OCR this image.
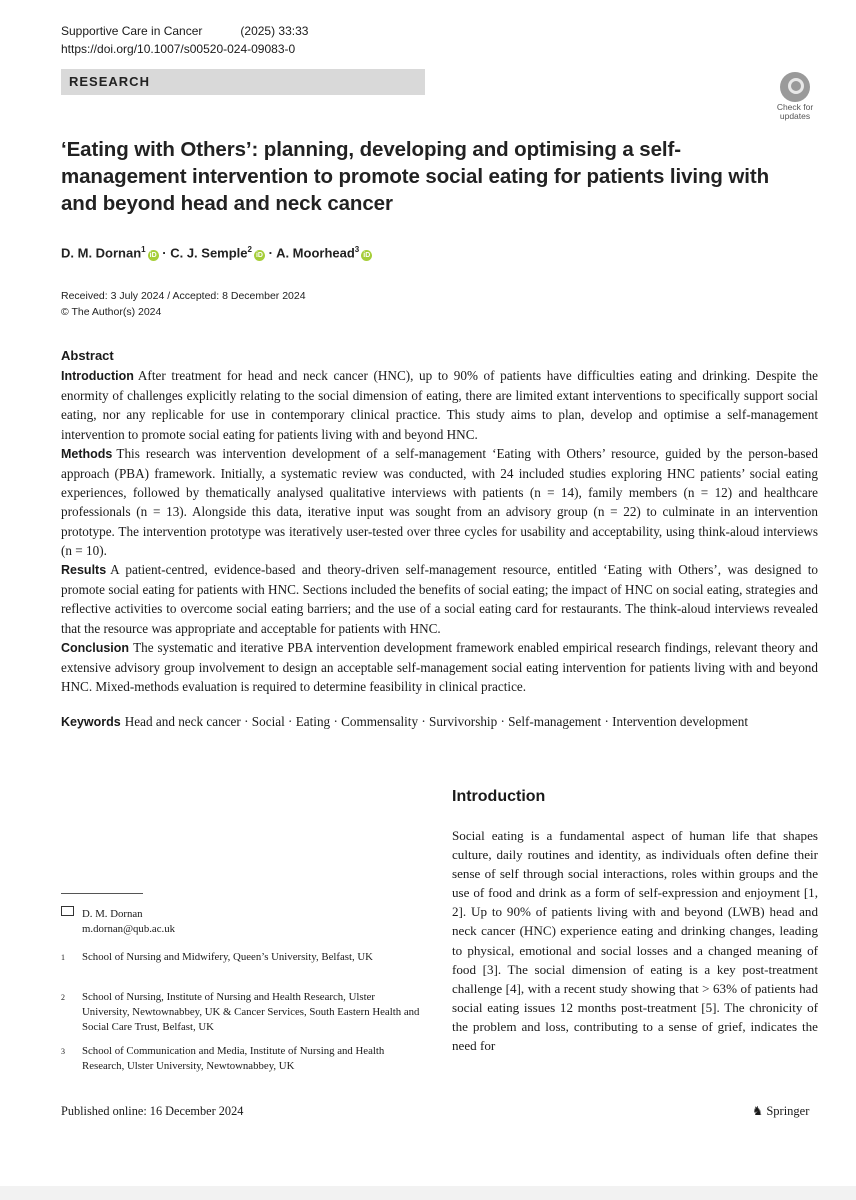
Supportive Care in Cancer	(2025) 33:33
https://doi.org/10.1007/s00520-024-09083-0
RESEARCH
Check for
updates
‘Eating with Others’: planning, developing and optimising a self-management intervention to promote social eating for patients living with and beyond head and neck cancer
D. M. Dornan$^1$iD · C. J. Semple$^2$iD · A. Moorhead$^3$iD
Received: 3 July 2024 / Accepted: 8 December 2024
© The Author(s) 2024
Abstract

Introduction After treatment for head and neck cancer (HNC), up to 90% of patients have difficulties eating and drinking. Despite the enormity of challenges explicitly relating to the social dimension of eating, there are limited extant interventions to specifically support social eating, nor any replicable for use in contemporary clinical practice. This study aims to plan, develop and optimise a self-management intervention to promote social eating for patients living with and beyond HNC.

Methods This research was intervention development of a self-management ‘Eating with Others’ resource, guided by the person-based approach (PBA) framework. Initially, a systematic review was conducted, with 24 included studies exploring HNC patients’ social eating experiences, followed by thematically analysed qualitative interviews with patients (n = 14), family members (n = 12) and healthcare professionals (n = 13). Alongside this data, iterative input was sought from an advisory group (n = 22) to culminate in an intervention prototype. The intervention prototype was iteratively user-tested over three cycles for usability and acceptability, using think-aloud interviews (n = 10).

Results A patient-centred, evidence-based and theory-driven self-management resource, entitled ‘Eating with Others’, was designed to promote social eating for patients with HNC. Sections included the benefits of social eating; the impact of HNC on social eating, strategies and reflective activities to overcome social eating barriers; and the use of a social eating card for restaurants. The think-aloud interviews revealed that the resource was appropriate and acceptable for patients with HNC.

Conclusion The systematic and iterative PBA intervention development framework enabled empirical research findings, relevant theory and extensive advisory group involvement to design an acceptable self-management social eating intervention for patients living with and beyond HNC. Mixed-methods evaluation is required to determine feasibility in clinical practice.

Keywords Head and neck cancer · Social · Eating · Commensality · Survivorship · Self-management · Intervention development
Introduction
Social eating is a fundamental aspect of human life that shapes culture, daily routines and identity, as individuals often define their sense of self through social interactions, roles within groups and the use of food and drink as a form of self-expression and enjoyment [1, 2]. Up to 90% of patients living with and beyond (LWB) head and neck cancer (HNC) experience eating and drinking changes, leading to physical, emotional and social losses and a changed meaning of food [3]. The social dimension of eating is a key post-treatment challenge [4], with a recent study showing that > 63% of patients had social eating issues 12 months post-treatment [5]. The chronicity of the problem and loss, contributing to a sense of grief, indicates the need for
D. M. Dornan
m.dornan@qub.ac.uk
1 School of Nursing and Midwifery, Queen’s University, Belfast, UK
2 School of Nursing, Institute of Nursing and Health Research, Ulster University, Newtownabbey, UK & Cancer Services, South Eastern Health and Social Care Trust, Belfast, UK
3 School of Communication and Media, Institute of Nursing and Health Research, Ulster University, Newtownabbey, UK
Published online: 16 December 2024	♞ Springer
